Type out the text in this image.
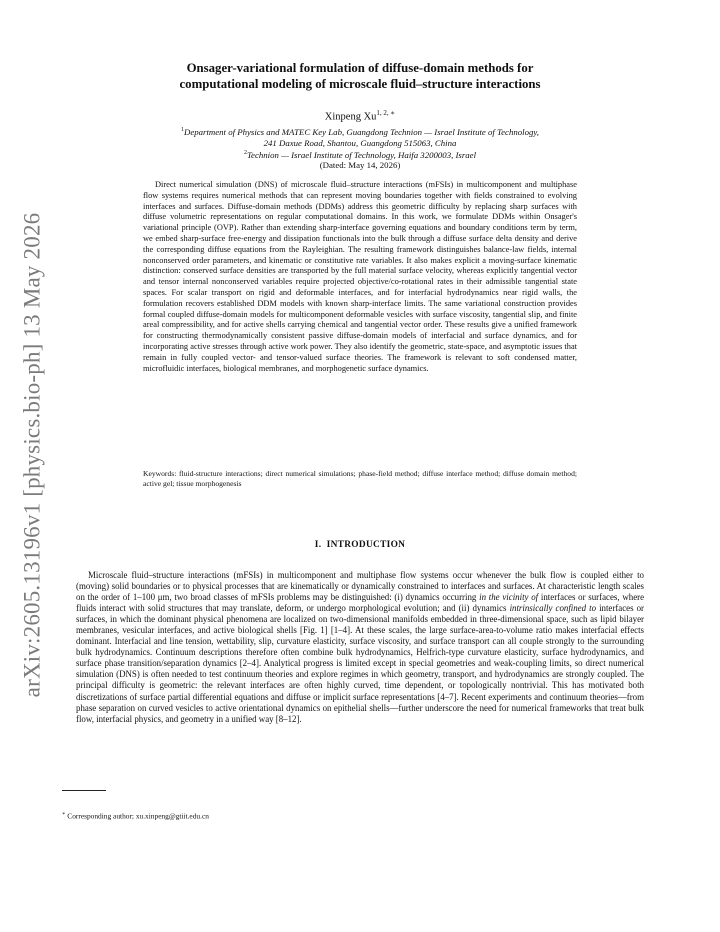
arXiv:2605.13196v1 [physics.bio-ph] 13 May 2026
Onsager-variational formulation of diffuse-domain methods for
computational modeling of microscale fluid–structure interactions
Xinpeng $Xu^{1, 2, ∗}$
$^1$Department of Physics and MATEC Key Lab, Guangdong Technion — Israel Institute of Technology,
241 Daxue Road, Shantou, Guangdong 515063, China
$^2$Technion — Israel Institute of Technology, Haifa 3200003, Israel
(Dated: May 14, 2026)

Direct numerical simulation (DNS) of microscale fluid–structure interactions (mFSIs) in multicomponent and multiphase flow systems requires numerical methods that can represent moving boundaries together with fields constrained to evolving interfaces and surfaces. Diffuse-domain methods (DDMs) address this geometric difficulty by replacing sharp surfaces with diffuse volumetric representations on regular computational domains. In this work, we formulate DDMs within Onsager's variational principle (OVP). Rather than extending sharp-interface governing equations and boundary conditions term by term, we embed sharp-surface free-energy and dissipation functionals into the bulk through a diffuse surface delta density and derive the corresponding diffuse equations from the Rayleighian. The resulting framework distinguishes balance-law fields, internal nonconserved order parameters, and kinematic or constitutive rate variables. It also makes explicit a moving-surface kinematic distinction: conserved surface densities are transported by the full material surface velocity, whereas explicitly tangential vector and tensor internal nonconserved variables require projected objective/co-rotational rates in their admissible tangential state spaces. For scalar transport on rigid and deformable interfaces, and for interfacial hydrodynamics near rigid walls, the formulation recovers established DDM models with known sharp-interface limits. The same variational construction provides formal coupled diffuse-domain models for multicomponent deformable vesicles with surface viscosity, tangential slip, and finite areal compressibility, and for active shells carrying chemical and tangential vector order. These results give a unified framework for constructing thermodynamically consistent passive diffuse-domain models of interfacial and surface dynamics, and for incorporating active stresses through active work power. They also identify the geometric, state-space, and asymptotic issues that remain in fully coupled vector- and tensor-valued surface theories. The framework is relevant to soft condensed matter, microfluidic interfaces, biological membranes, and morphogenetic surface dynamics.

Keywords: fluid-structure interactions; direct numerical simulations; phase-field method; diffuse interface method; diffuse domain method; active gel; tissue morphogenesis

I. INTRODUCTION

Microscale fluid–structure interactions (mFSIs) in multicomponent and multiphase flow systems occur whenever the bulk flow is coupled either to (moving) solid boundaries or to physical processes that are kinematically or dynamically constrained to interfaces and surfaces. At characteristic length scales on the order of 1–100 μm, two broad classes of mFSIs problems may be distinguished: (i) dynamics occurring in the vicinity of interfaces or surfaces, where fluids interact with solid structures that may translate, deform, or undergo morphological evolution; and (ii) dynamics intrinsically confined to interfaces or surfaces, in which the dominant physical phenomena are localized on two-dimensional manifolds embedded in three-dimensional space, such as lipid bilayer membranes, vesicular interfaces, and active biological shells [Fig. 1] [1–4]. At these scales, the large surface-area-to-volume ratio makes interfacial effects dominant. Interfacial and line tension, wettability, slip, curvature elasticity, surface viscosity, and surface transport can all couple strongly to the surrounding bulk hydrodynamics. Continuum descriptions therefore often combine bulk hydrodynamics, Helfrich-type curvature elasticity, surface hydrodynamics, and surface phase transition/separation dynamics [2–4]. Analytical progress is limited except in special geometries and weak-coupling limits, so direct numerical simulation (DNS) is often needed to test continuum theories and explore regimes in which geometry, transport, and hydrodynamics are strongly coupled. The principal difficulty is geometric: the relevant interfaces are often highly curved, time dependent, or topologically nontrivial. This has motivated both discretizations of surface partial differential equations and diffuse or implicit surface representations [4–7]. Recent experiments and continuum theories—from phase separation on curved vesicles to active orientational dynamics on epithelial shells—further underscore the need for numerical frameworks that treat bulk flow, interfacial physics, and geometry in a unified way [8–12].

∗ Corresponding author; xu.xinpeng@gtiit.edu.cn
